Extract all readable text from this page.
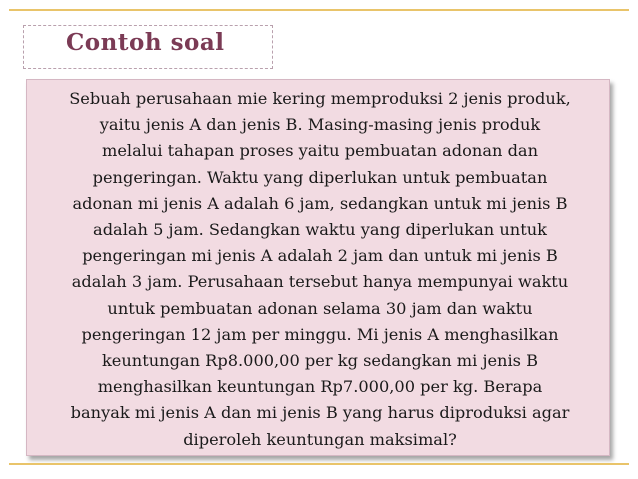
Contoh soal
Sebuah perusahaan mie kering memproduksi 2 jenis produk,
yaitu jenis A dan jenis B. Masing-masing jenis produk
melalui tahapan proses yaitu pembuatan adonan dan
pengeringan. Waktu yang diperlukan untuk pembuatan
adonan mi jenis A adalah 6 jam, sedangkan untuk mi jenis B
adalah 5 jam. Sedangkan waktu yang diperlukan untuk
pengeringan mi jenis A adalah 2 jam dan untuk mi jenis B
adalah 3 jam. Perusahaan tersebut hanya mempunyai waktu
untuk pembuatan adonan selama 30 jam dan waktu
pengeringan 12 jam per minggu. Mi jenis A menghasilkan
keuntungan Rp8.000,00 per kg sedangkan mi jenis B
menghasilkan keuntungan Rp7.000,00 per kg. Berapa
banyak mi jenis A dan mi jenis B yang harus diproduksi agar
diperoleh keuntungan maksimal?
